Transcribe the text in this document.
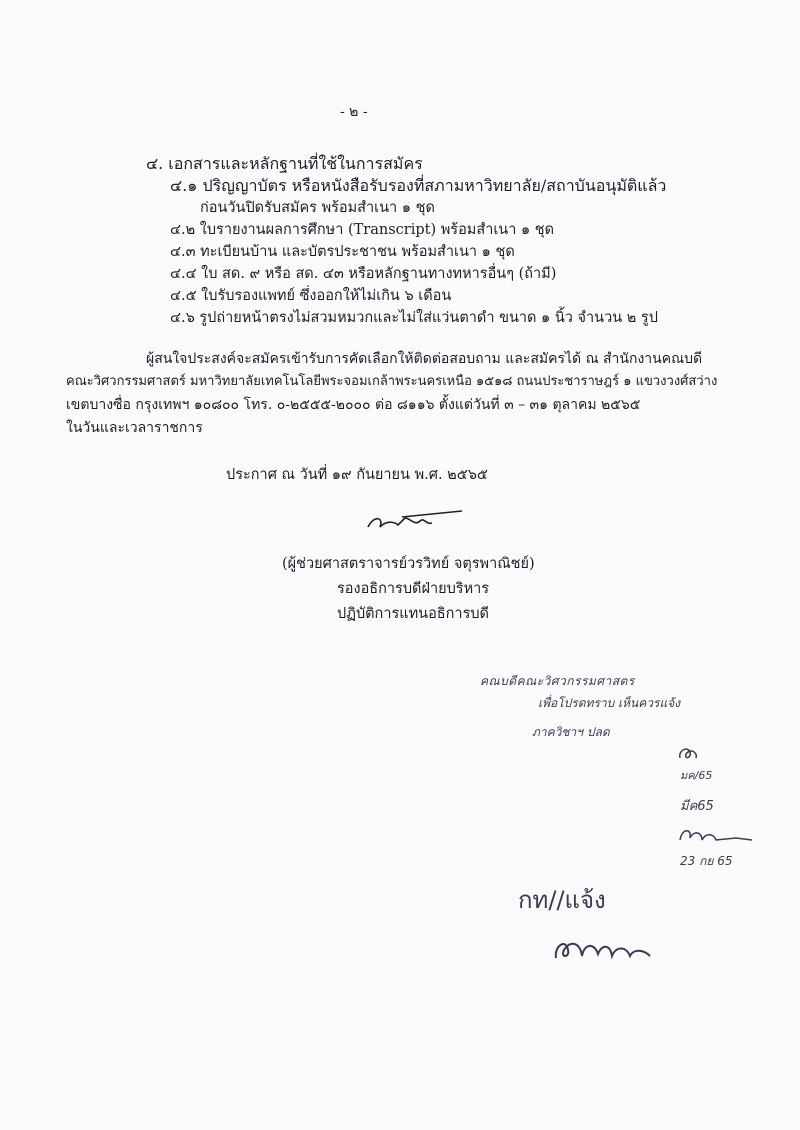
- ๒ -
๔. เอกสารและหลักฐานที่ใช้ในการสมัคร
๔.๑ ปริญญาบัตร หรือหนังสือรับรองที่สภามหาวิทยาลัย/สถาบันอนุมัติแล้ว
ก่อนวันปิดรับสมัคร พร้อมสำเนา ๑ ชุด
๔.๒ ใบรายงานผลการศึกษา (Transcript) พร้อมสำเนา ๑ ชุด
๔.๓ ทะเบียนบ้าน และบัตรประชาชน พร้อมสำเนา ๑ ชุด
๔.๔ ใบ สด. ๙ หรือ สด. ๔๓ หรือหลักฐานทางทหารอื่นๆ (ถ้ามี)
๔.๕ ใบรับรองแพทย์ ซึ่งออกให้ไม่เกิน ๖ เดือน
๔.๖ รูปถ่ายหน้าตรงไม่สวมหมวกและไม่ใส่แว่นตาดำ ขนาด ๑ นิ้ว จำนวน ๒ รูป
ผู้สนใจประสงค์จะสมัครเข้ารับการคัดเลือกให้ติดต่อสอบถาม และสมัครได้ ณ สำนักงานคณบดี
คณะวิศวกรรมศาสตร์ มหาวิทยาลัยเทคโนโลยีพระจอมเกล้าพระนครเหนือ ๑๕๑๘ ถนนประชาราษฎร์ ๑ แขวงวงศ์สว่าง
เขตบางซื่อ กรุงเทพฯ ๑๐๘๐๐ โทร. ๐-๒๕๕๕-๒๐๐๐ ต่อ ๘๑๑๖ ตั้งแต่วันที่ ๓ – ๓๑ ตุลาคม ๒๕๖๕
ในวันและเวลาราชการ
ประกาศ ณ วันที่ ๑๙ กันยายน พ.ศ. ๒๕๖๕
(ผู้ช่วยศาสตราจารย์วรวิทย์ จตุรพาณิชย์)
รองอธิการบดีฝ่ายบริหาร
ปฏิบัติการแทนอธิการบดี
คณบดีคณะวิศวกรรมศาสตร
เพื่อโปรดทราบ เห็นควรแจ้ง
ภาควิชาฯ ปลด
มค/65
มีค65
23 กย 65
กท//แจ้ง
